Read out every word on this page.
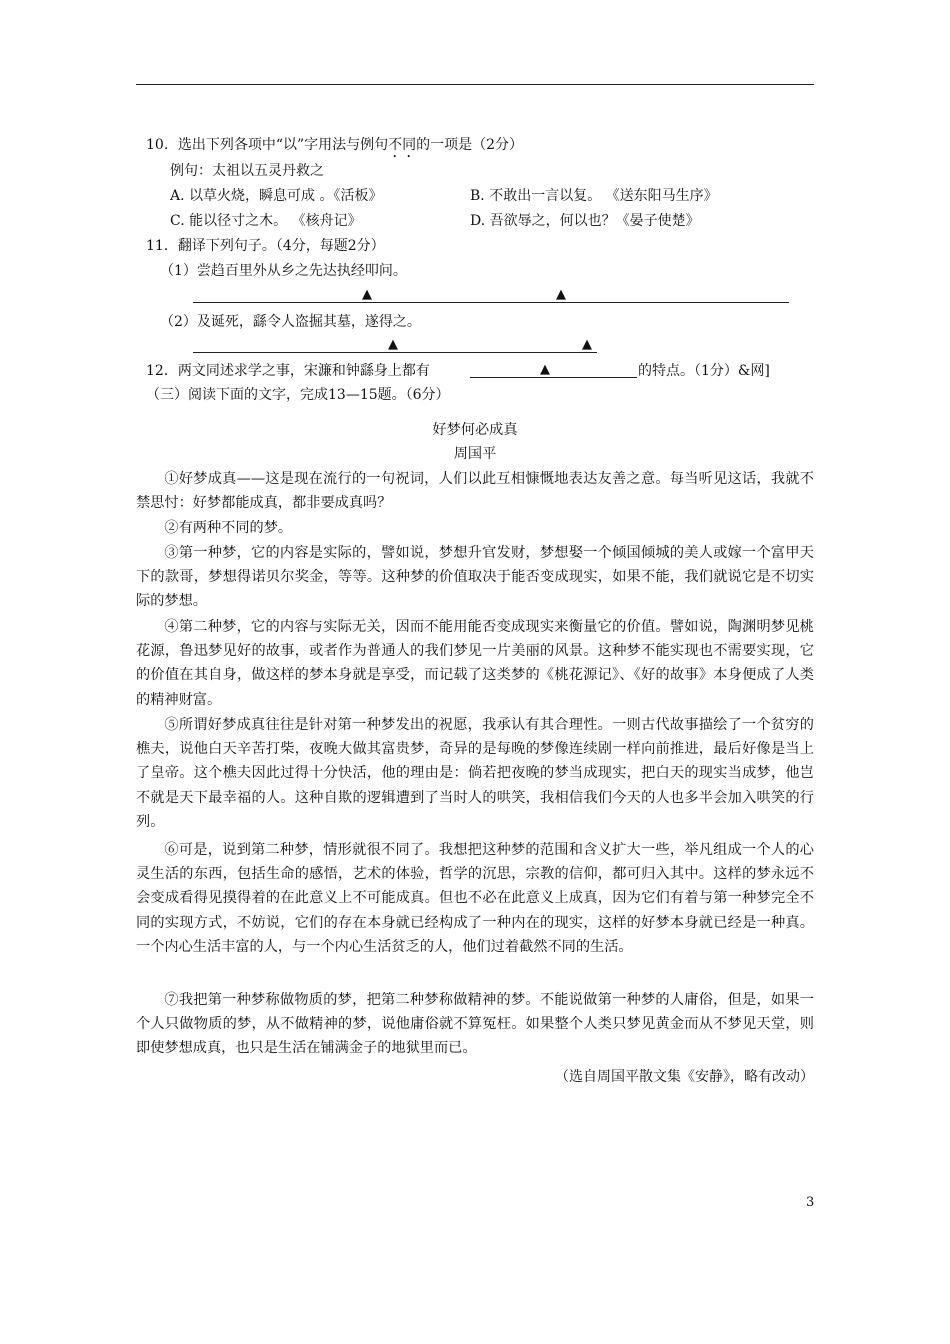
10．选出下列各项中“以”字用法与例句不同的一项是（2分）
例句：太祖以五灵丹救之
A. 以草火烧，瞬息可成 。《活板》	B. 不敢出一言以复。 《送东阳马生序》
C. 能以径寸之木。 《核舟记》	D. 吾欲辱之，何以也？《晏子使楚》
11．翻译下列句子。（4分，每题2分）
（1）尝趋百里外从乡之先达执经叩问。
▲	▲
（2）及诞死，繇令人盗掘其墓，遂得之。
▲	▲
12．两文同述求学之事，宋濂和钟繇身上都有	▲	的特点。（1分）&网]
（三）阅读下面的文字，完成13—15题。（6分）
好梦何必成真
周国平
①好梦成真——这是现在流行的一句祝词，人们以此互相慷慨地表达友善之意。每当听见这话，我就不禁思忖：好梦都能成真，都非要成真吗？
②有两种不同的梦。
③第一种梦，它的内容是实际的，譬如说，梦想升官发财，梦想娶一个倾国倾城的美人或嫁一个富甲天下的款哥，梦想得诺贝尔奖金，等等。这种梦的价值取决于能否变成现实，如果不能，我们就说它是不切实际的梦想。
④第二种梦，它的内容与实际无关，因而不能用能否变成现实来衡量它的价值。譬如说，陶渊明梦见桃花源，鲁迅梦见好的故事，或者作为普通人的我们梦见一片美丽的风景。这种梦不能实现也不需要实现，它的价值在其自身，做这样的梦本身就是享受，而记载了这类梦的《桃花源记》、《好的故事》本身便成了人类的精神财富。
⑤所谓好梦成真往往是针对第一种梦发出的祝愿，我承认有其合理性。一则古代故事描绘了一个贫穷的樵夫，说他白天辛苦打柴，夜晚大做其富贵梦，奇异的是每晚的梦像连续剧一样向前推进，最后好像是当上了皇帝。这个樵夫因此过得十分快活，他的理由是：倘若把夜晚的梦当成现实，把白天的现实当成梦，他岂不就是天下最幸福的人。这种自欺的逻辑遭到了当时人的哄笑，我相信我们今天的人也多半会加入哄笑的行列。
⑥可是，说到第二种梦，情形就很不同了。我想把这种梦的范围和含义扩大一些，举凡组成一个人的心灵生活的东西，包括生命的感悟，艺术的体验，哲学的沉思，宗教的信仰，都可归入其中。这样的梦永远不会变成看得见摸得着的在此意义上不可能成真。但也不必在此意义上成真，因为它们有着与第一种梦完全不同的实现方式，不妨说，它们的存在本身就已经构成了一种内在的现实，这样的好梦本身就已经是一种真。一个内心生活丰富的人，与一个内心生活贫乏的人，他们过着截然不同的生活。
⑦我把第一种梦称做物质的梦，把第二种梦称做精神的梦。不能说做第一种梦的人庸俗，但是，如果一个人只做物质的梦，从不做精神的梦，说他庸俗就不算冤枉。如果整个人类只梦见黄金而从不梦见天堂，则即使梦想成真，也只是生活在铺满金子的地狱里而已。
（选自周国平散文集《安静》，略有改动）
3
